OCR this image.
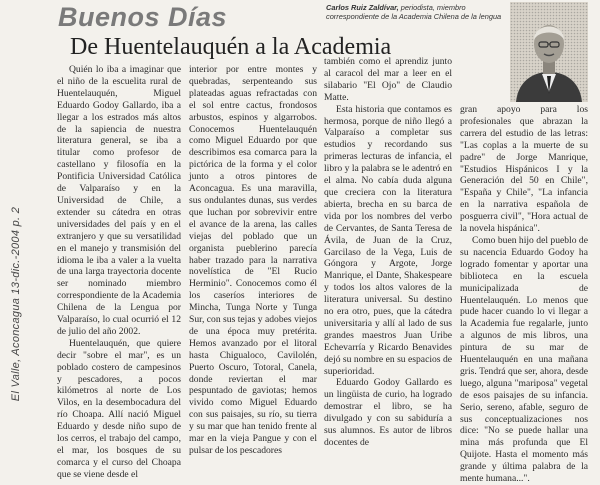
Buenos Días	Carlos Ruiz Zaldívar, periodista, miembro correspondiente de la Academia Chilena de la lengua
De Huentelauquén a la Academia
El Valle, Aconcagua 13-dic.-2004 p. 2

Quién lo iba a imaginar que el niño de la escuelita rural de Huentelauquén, Miguel Eduardo Godoy Gallardo, iba a llegar a los estrados más altos de la sapiencia de nuestra literatura general, se iba a titular como profesor de castellano y filosofía en la Pontificia Universidad Católica de Valparaíso y en la Universidad de Chile, a extender su cátedra en otras universidades del país y en el extranjero y que su versatilidad en el manejo y transmisión del idioma le iba a valer a la vuelta de una larga trayectoria docente ser nominado miembro correspondiente de la Academia Chilena de la Lengua por Valparaíso, lo cual ocurrió el 12 de julio del año 2002.

Huentelauquén, que quiere decir "sobre el mar", es un poblado costero de campesinos y pescadores, a pocos kilómetros al norte de Los Vilos, en la desembocadura del río Choapa. Allí nació Miguel Eduardo y desde niño supo de los cerros, el trabajo del campo, el mar, los bosques de su comarca y el curso del Choapa que se viene desde el

interior por entre montes y quebradas, serpenteando sus plateadas aguas refractadas con el sol entre cactus, frondosos arbustos, espinos y algarrobos. Conocemos Huentelauquén como Miguel Eduardo por que describimos esa comarca para la pictórica de la forma y el color junto a otros pintores de Aconcagua. Es una maravilla, sus ondulantes dunas, sus verdes que luchan por sobrevivir entre el avance de la arena, las calles viejas del poblado que un organista pueblerino parecía haber trazado para la narrativa novelística de "El Rucio Herminio". Conocemos como él los caseríos interiores de Mincha, Tunga Norte y Tunga Sur, con sus tejas y adobes viejos de una época muy pretérita. Hemos avanzado por el litoral hasta Chigualoco, Cavilolén, Puerto Oscuro, Totoral, Canela, donde reviertan el mar pespuntado de gaviotas; hemos vivido como Miguel Eduardo con sus paisajes, su río, su tierra y su mar que han tenido frente al mar en la vieja Pangue y con el pulsar de los pescadores

también como el aprendiz junto al caracol del mar a leer en el silabario "El Ojo" de Claudio Matte.

Esta historia que contamos es hermosa, porque de niño llegó a Valparaíso a completar sus estudios y recordando sus primeras lecturas de infancia, el libro y la palabra se le adentró en el alma. No cabía duda alguna que creciera con la literatura abierta, brecha en su barca de vida por los nombres del verbo de Cervantes, de Santa Teresa de Ávila, de Juan de la Cruz, Garcilaso de la Vega, Luis de Góngora y Argote, Jorge Manrique, el Dante, Shakespeare y todos los altos valores de la literatura universal. Su destino no era otro, pues, que la cátedra universitaria y allí al lado de sus grandes maestros Juan Uribe Echevarría y Ricardo Benavides dejó su nombre en su espacios de superioridad.

Eduardo Godoy Gallardo es un lingüista de curio, ha logrado demostrar el libro, se ha divulgado y con su sabiduría a sus alumnos. Es autor de libros docentes de

gran apoyo para los profesionales que abrazan la carrera del estudio de las letras: "Las coplas a la muerte de su padre" de Jorge Manrique, "Estudios Hispánicos I y la Generación del 50 en Chile", "España y Chile", "La infancia en la narrativa española de posguerra civil", "Hora actual de la novela hispánica".

Como buen hijo del pueblo de su nacencia Eduardo Godoy ha logrado fomentar y aportar una biblioteca en la escuela municipalizada de Huentelauquén. Lo menos que pude hacer cuando lo vi llegar a la Academia fue regalarle, junto a algunos de mis libros, una pintura de su mar de Huentelauquén en una mañana gris. Tendrá que ser, ahora, desde luego, alguna "mariposa" vegetal de esos paisajes de su infancia. Serio, sereno, afable, seguro de sus conceptualizaciones nos dice: "No se puede hallar una mina más profunda que El Quijote. Hasta el momento más grande y última palabra de la mente humana...".
